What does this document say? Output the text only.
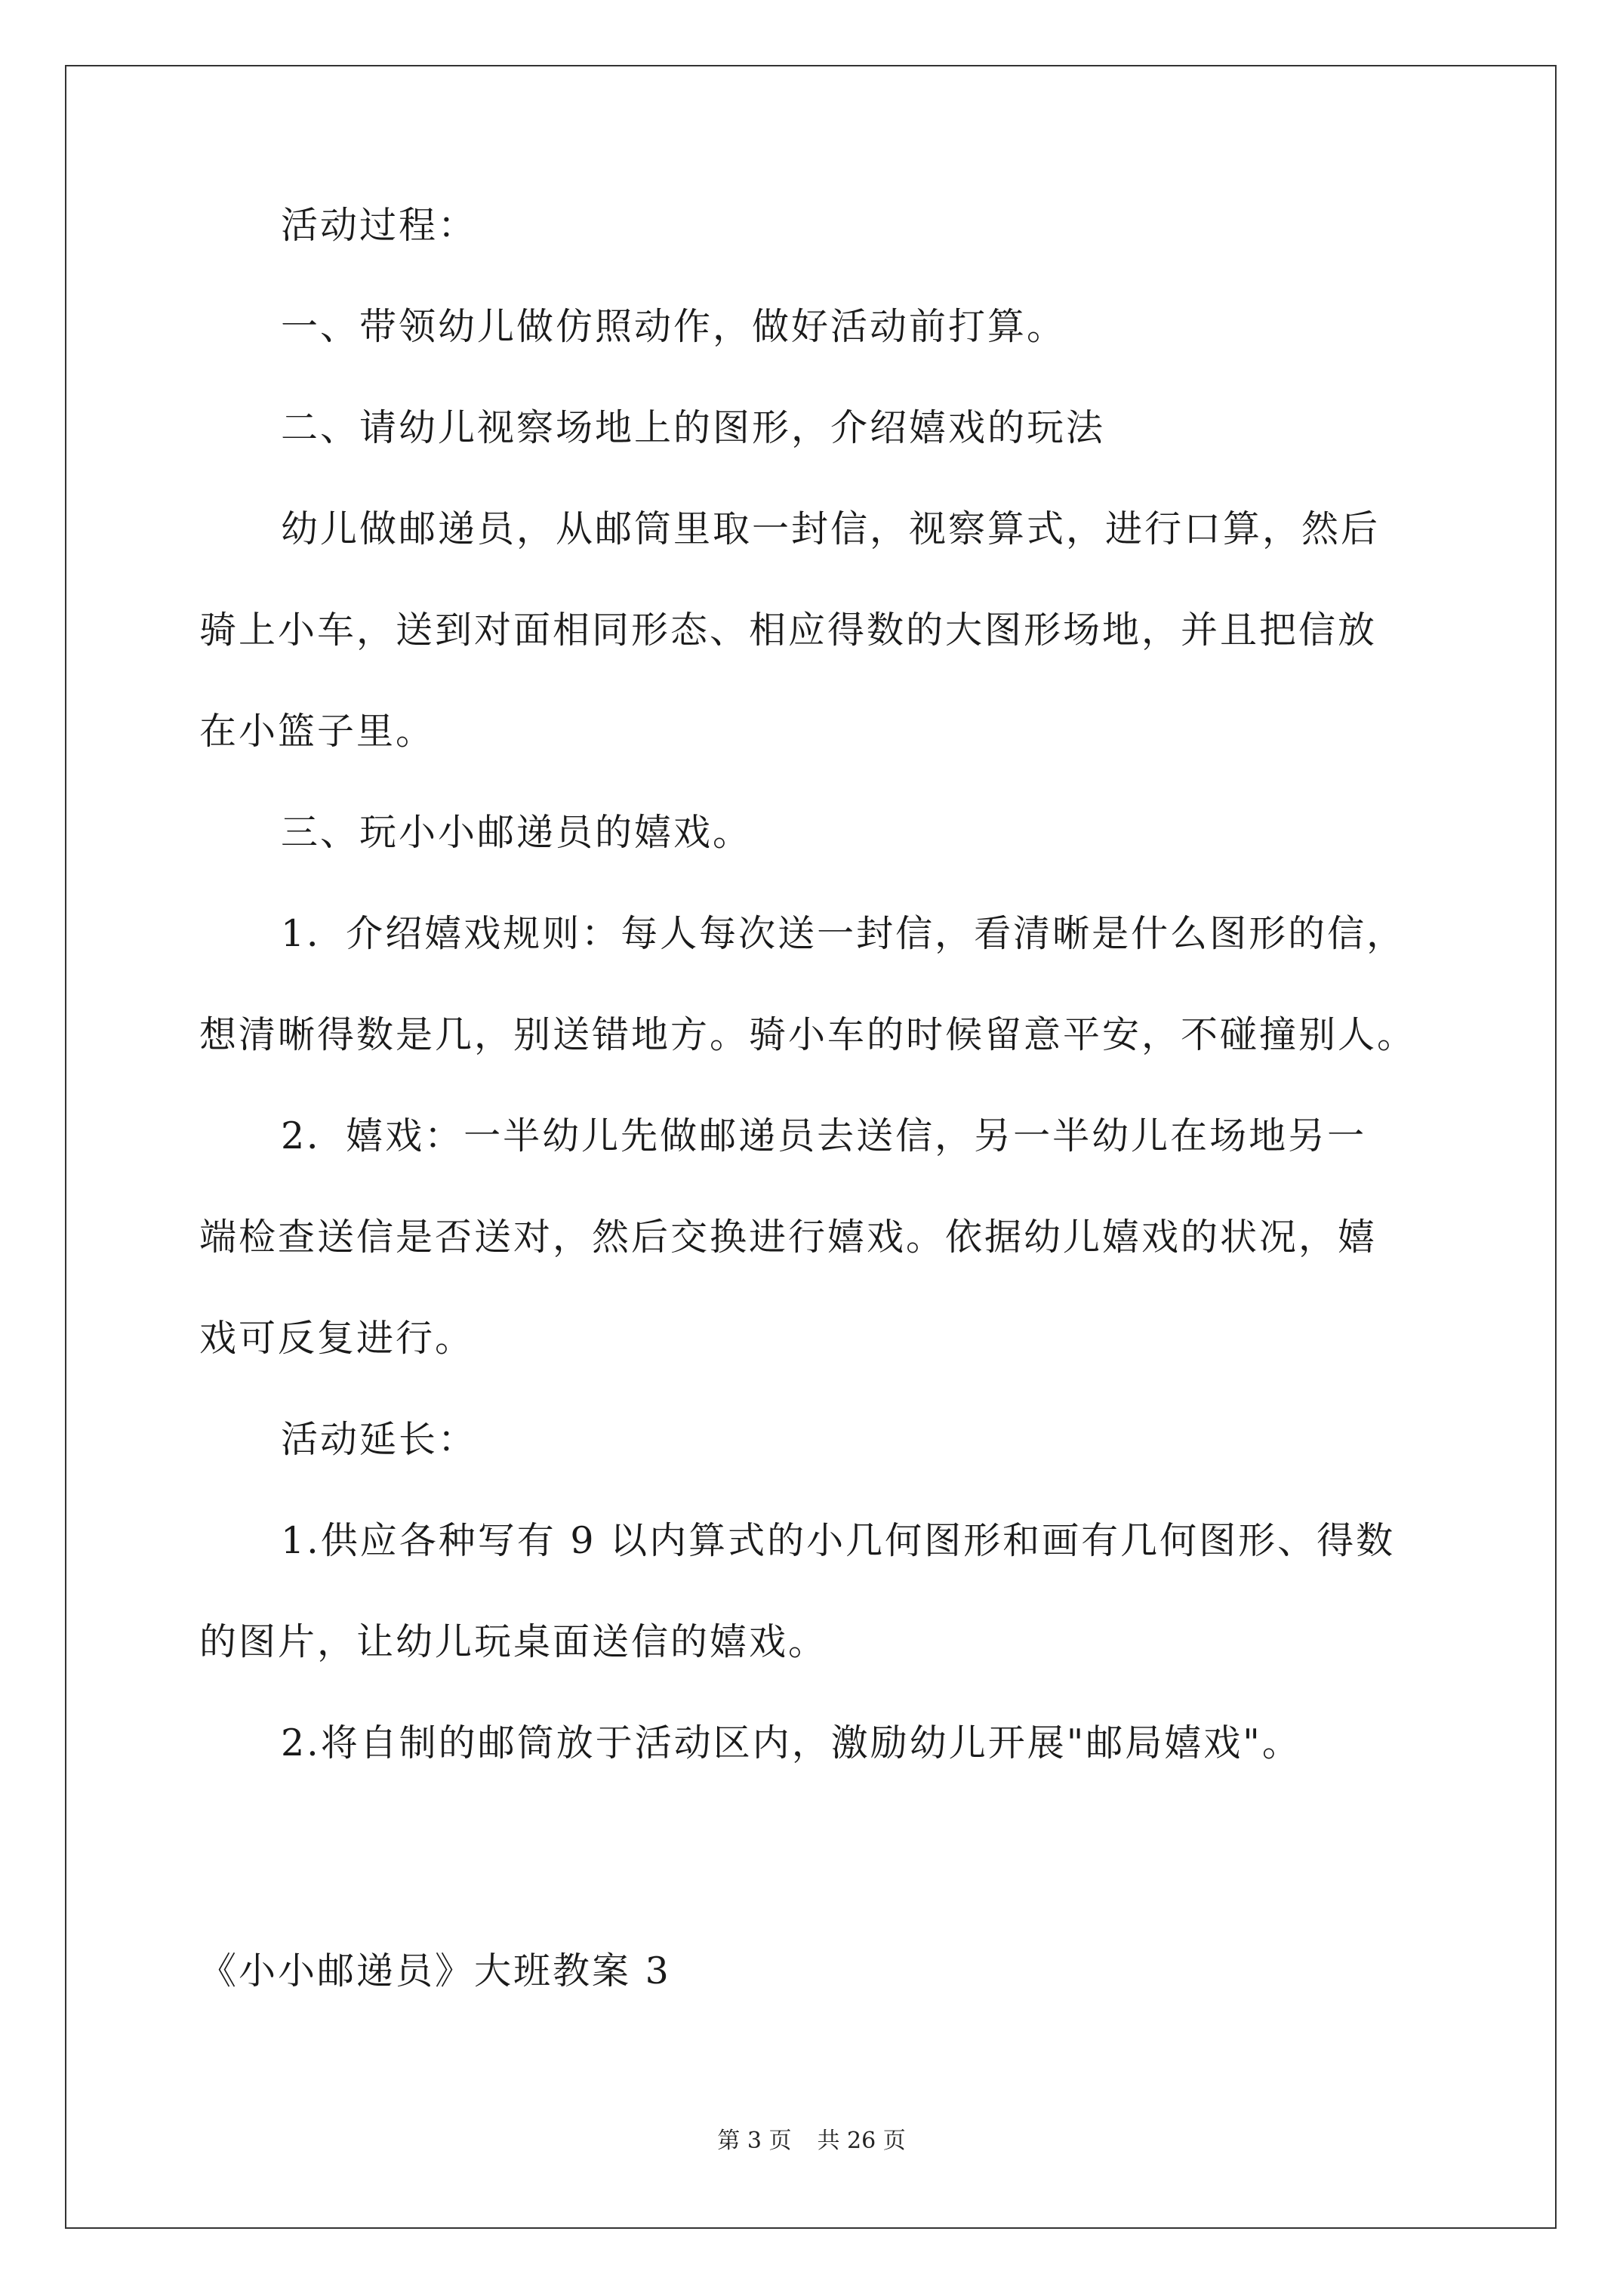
活动过程：

一、带领幼儿做仿照动作，做好活动前打算。

二、请幼儿视察场地上的图形，介绍嬉戏的玩法

幼儿做邮递员，从邮筒里取一封信，视察算式，进行口算，然后

骑上小车，送到对面相同形态、相应得数的大图形场地，并且把信放

在小篮子里。

三、玩小小邮递员的嬉戏。

1．介绍嬉戏规则：每人每次送一封信，看清晰是什么图形的信，

想清晰得数是几，别送错地方。骑小车的时候留意平安，不碰撞别人。

2．嬉戏：一半幼儿先做邮递员去送信，另一半幼儿在场地另一

端检查送信是否送对，然后交换进行嬉戏。依据幼儿嬉戏的状况，嬉

戏可反复进行。

活动延长：

1.供应各种写有 9 以内算式的小几何图形和画有几何图形、得数

的图片，让幼儿玩桌面送信的嬉戏。

2.将自制的邮筒放于活动区内，激励幼儿开展"邮局嬉戏"。

《小小邮递员》大班教案 3

第 3 页 共 26 页
